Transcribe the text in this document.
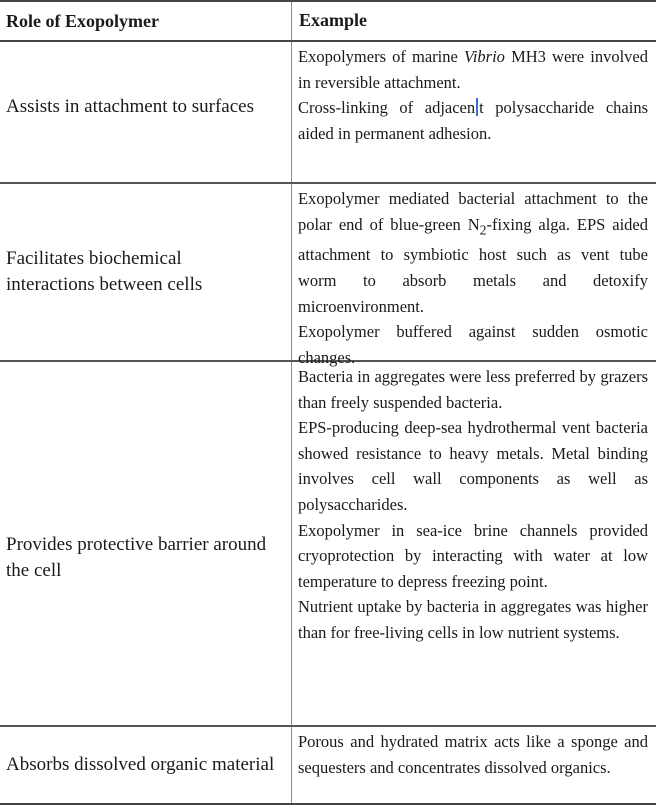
Role of Exopolymer	Example
Assists in attachment to surfaces

Exopolymers of marine Vibrio MH3 were involved in reversible attachment.

Cross-linking of adjacen t polysaccharide chains aided in permanent adhesion.

Facilitates biochemical interactions between cells

Exopolymer mediated bacterial attachment to the polar end of blue-green $N_2$-fixing alga. EPS aided attachment to symbiotic host such as vent tube worm to absorb metals and detoxify microenvironment.

Exopolymer buffered against sudden osmotic changes.

Provides protective barrier around the cell

Bacteria in aggregates were less preferred by grazers than freely suspended bacteria.

EPS-producing deep-sea hydrothermal vent bacteria showed resistance to heavy metals. Metal binding involves cell wall components as well as polysaccharides.

Exopolymer in sea-ice brine channels provided cryoprotection by interacting with water at low temperature to depress freezing point.

Nutrient uptake by bacteria in aggregates was higher than for free-living cells in low nutrient systems.

Absorbs dissolved organic material

Porous and hydrated matrix acts like a sponge and sequesters and concentrates dissolved organics.
